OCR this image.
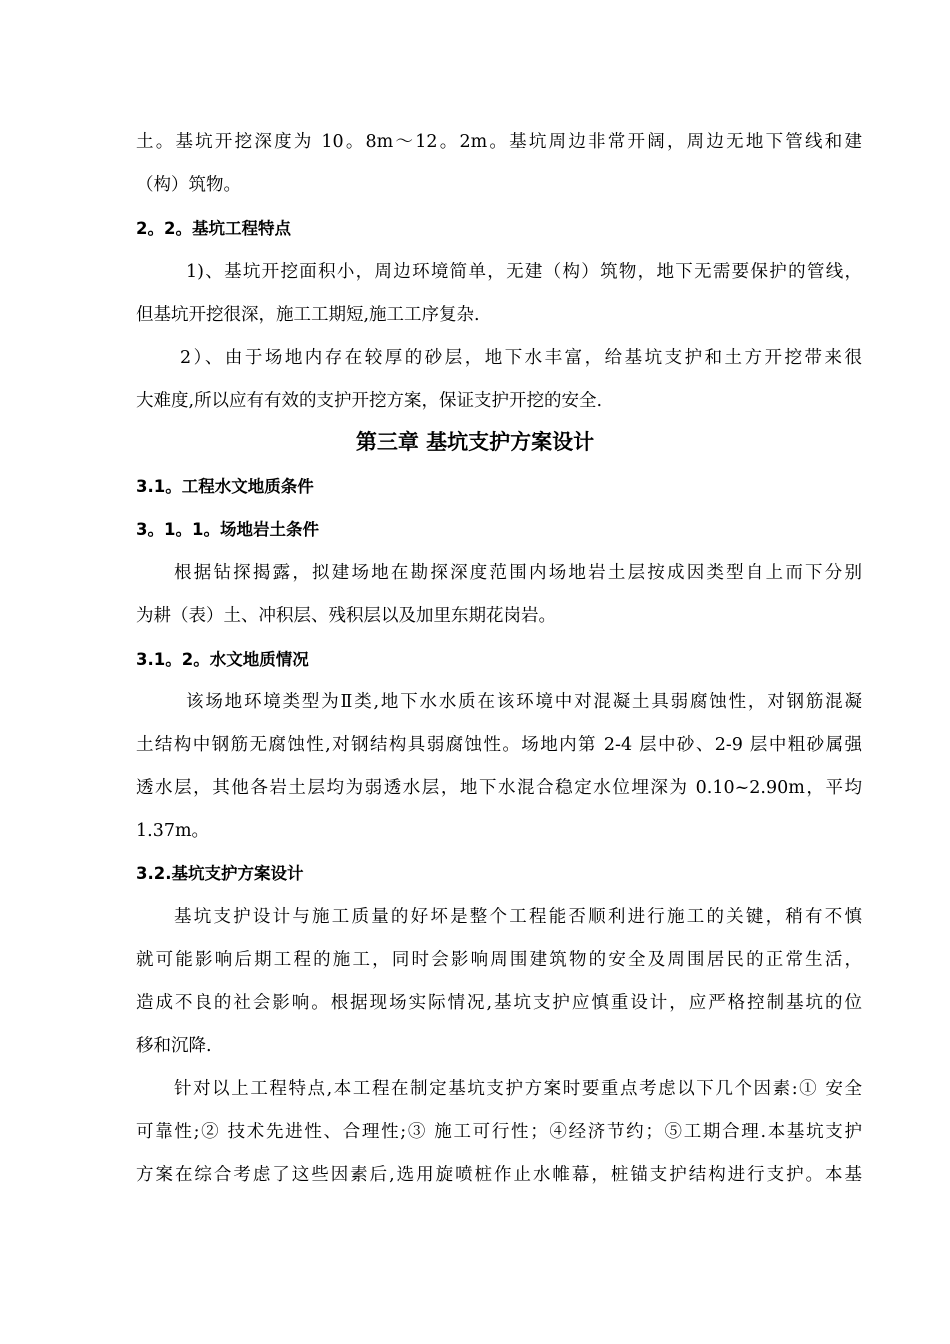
土。基坑开挖深度为 10。8m～12。2m。基坑周边非常开阔，周边无地下管线和建
（构）筑物。
2。2。基坑工程特点
1)、基坑开挖面积小，周边环境简单，无建（构）筑物，地下无需要保护的管线，
但基坑开挖很深，施工工期短,施工工序复杂.
2）、由于场地内存在较厚的砂层，地下水丰富，给基坑支护和土方开挖带来很
大难度,所以应有有效的支护开挖方案，保证支护开挖的安全.
第三章 基坑支护方案设计
3.1。工程水文地质条件
3。1。1。场地岩土条件
根据钻探揭露，拟建场地在勘探深度范围内场地岩土层按成因类型自上而下分别
为耕（表）土、冲积层、残积层以及加里东期花岗岩。
3.1。2。水文地质情况
该场地环境类型为Ⅱ类,地下水水质在该环境中对混凝土具弱腐蚀性，对钢筋混凝
土结构中钢筋无腐蚀性,对钢结构具弱腐蚀性。场地内第 2-4 层中砂、2-9 层中粗砂属强
透水层，其他各岩土层均为弱透水层，地下水混合稳定水位埋深为 0.10~2.90m，平均
1.37m。
3.2.基坑支护方案设计
基坑支护设计与施工质量的好坏是整个工程能否顺利进行施工的关键，稍有不慎
就可能影响后期工程的施工，同时会影响周围建筑物的安全及周围居民的正常生活，
造成不良的社会影响。根据现场实际情况,基坑支护应慎重设计，应严格控制基坑的位
移和沉降.
针对以上工程特点,本工程在制定基坑支护方案时要重点考虑以下几个因素:① 安全
可靠性;② 技术先进性、合理性;③ 施工可行性；④经济节约；⑤工期合理.本基坑支护
方案在综合考虑了这些因素后,选用旋喷桩作止水帷幕，桩锚支护结构进行支护。本基
